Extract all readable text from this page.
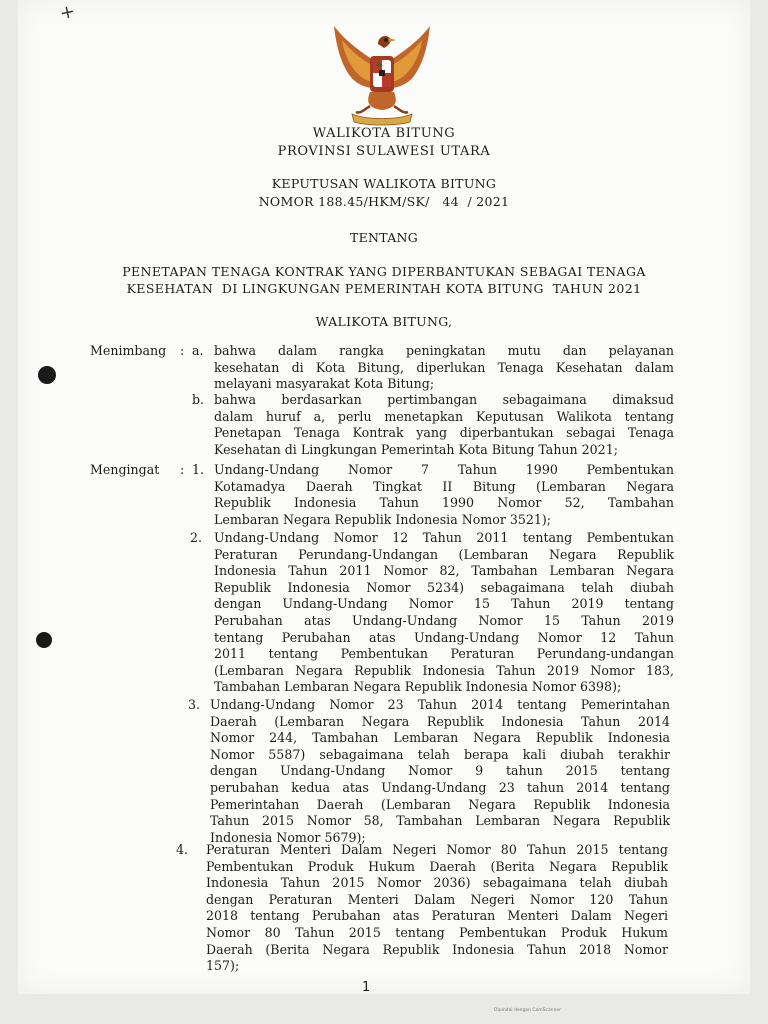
+
WALIKOTA BITUNG
PROVINSI SULAWESI UTARA
KEPUTUSAN WALIKOTA BITUNG
NOMOR 188.45/HKM/SK/   44  / 2021
TENTANG
PENETAPAN TENAGA KONTRAK YANG DIPERBANTUKAN SEBAGAI TENAGA
KESEHATAN  DI LINGKUNGAN PEMERINTAH KOTA BITUNG  TAHUN 2021
WALIKOTA BITUNG,
Menimbang : a. bahwa dalam rangka peningkatan mutu dan pelayanan
kesehatan di Kota Bitung, diperlukan Tenaga Kesehatan dalam
melayani masyarakat Kota Bitung;
b. bahwa berdasarkan pertimbangan sebagaimana dimaksud
dalam huruf a, perlu menetapkan Keputusan Walikota tentang
Penetapan Tenaga Kontrak yang diperbantukan sebagai Tenaga
Kesehatan di Lingkungan Pemerintah Kota Bitung Tahun 2021;
Mengingat : 1. Undang-Undang Nomor 7 Tahun 1990 Pembentukan
Kotamadya Daerah Tingkat II Bitung (Lembaran Negara
Republik Indonesia Tahun 1990 Nomor 52, Tambahan
Lembaran Negara Republik Indonesia Nomor 3521);
2. Undang-Undang Nomor 12 Tahun 2011 tentang Pembentukan
Peraturan Perundang-Undangan (Lembaran Negara Republik
Indonesia Tahun 2011 Nomor 82, Tambahan Lembaran Negara
Republik Indonesia Nomor 5234) sebagaimana telah diubah
dengan Undang-Undang Nomor 15 Tahun 2019 tentang
Perubahan atas Undang-Undang Nomor 15 Tahun 2019
tentang Perubahan atas Undang-Undang Nomor 12 Tahun
2011 tentang Pembentukan Peraturan Perundang-undangan
(Lembaran Negara Republik Indonesia Tahun 2019 Nomor 183,
Tambahan Lembaran Negara Republik Indonesia Nomor 6398);
3. Undang-Undang Nomor 23 Tahun 2014 tentang Pemerintahan
Daerah (Lembaran Negara Republik Indonesia Tahun 2014
Nomor 244, Tambahan Lembaran Negara Republik Indonesia
Nomor 5587) sebagaimana telah berapa kali diubah terakhir
dengan Undang-Undang Nomor 9 tahun 2015 tentang
perubahan kedua atas Undang-Undang 23 tahun 2014 tentang
Pemerintahan Daerah (Lembaran Negara Republik Indonesia
Tahun 2015 Nomor 58, Tambahan Lembaran Negara Republik
Indonesia Nomor 5679);
4. Peraturan Menteri Dalam Negeri Nomor 80 Tahun 2015 tentang
Pembentukan Produk Hukum Daerah (Berita Negara Republik
Indonesia Tahun 2015 Nomor 2036) sebagaimana telah diubah
dengan Peraturan Menteri Dalam Negeri Nomor 120 Tahun
2018 tentang Perubahan atas Peraturan Menteri Dalam Negeri
Nomor 80 Tahun 2015 tentang Pembentukan Produk Hukum
Daerah (Berita Negara Republik Indonesia Tahun 2018 Nomor
157);
1
Dipindai dengan CamScanner
